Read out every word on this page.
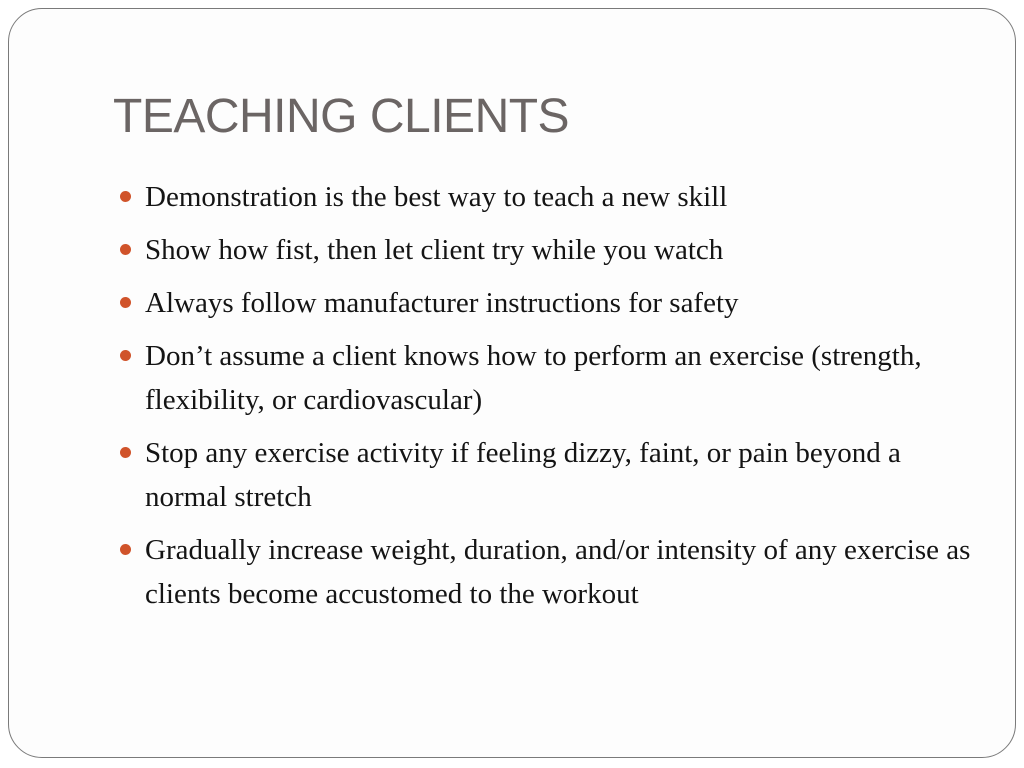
TEACHING CLIENTS
Demonstration is the best way to teach a new skill
Show how fist, then let client try while you watch
Always follow manufacturer instructions for safety
Don’t assume a client knows how to perform an exercise (strength, flexibility, or cardiovascular)
Stop any exercise activity if feeling dizzy, faint, or pain beyond a normal stretch
Gradually increase weight, duration, and/or intensity of any exercise as clients become accustomed to the workout
